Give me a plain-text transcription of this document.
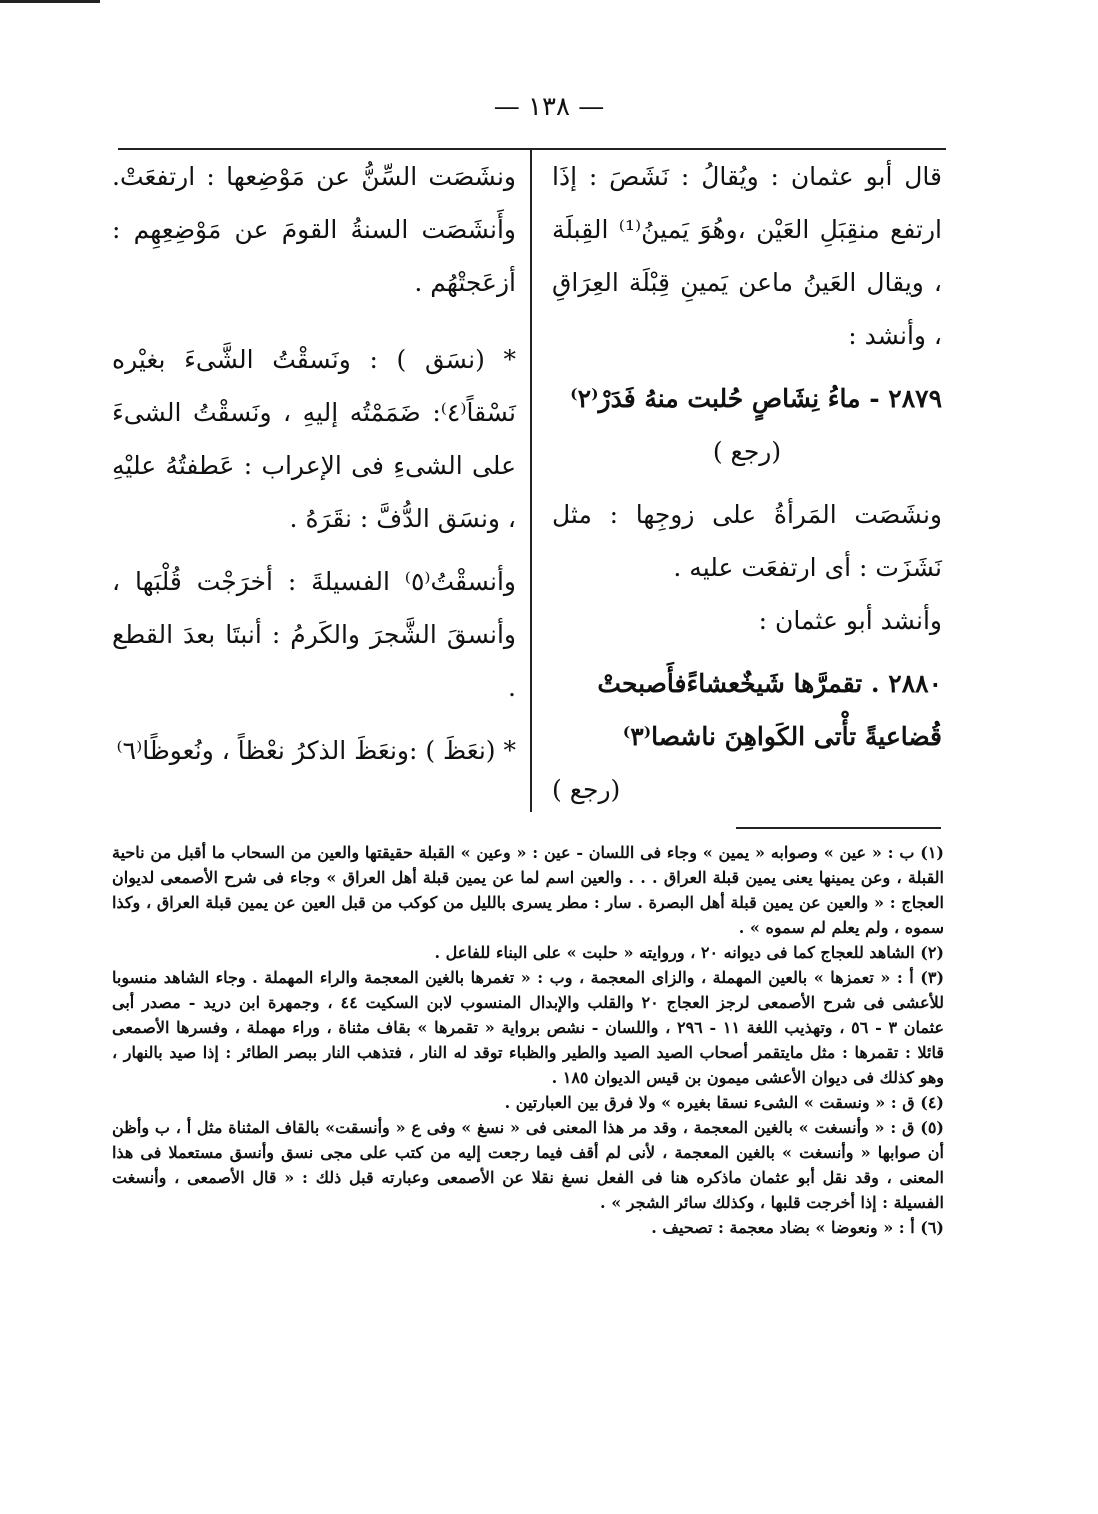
— ١٣٨ —

قال أبو عثمان : ويُقالُ : نَشَصَ : إذَا ارتفع منقِبَلِ العَيْن ،وهُوَ يَمينُ⁽¹⁾ القِبلَة ، ويقال العَينُ ماعن يَمينِ قِبْلَة العِرَاقِ ، وأنشد :

٢٨٧٩ - ماءُ نِشَاصٍ حُلبت منهُ فَدَرْ⁽٢⁾

(رجع )

ونشَصَت المَرأةُ على زوجِها : مثل نَشَزَت : أى ارتفعَت عليه .

وأنشد أبو عثمان :

٢٨٨٠ . تقمرَّها شَيخٌعشاءًفأَصبحتْ

قُضاعيةً تأْتى الكَواهِنَ ناشصا⁽٣⁾

(رجع )

ونشَصَت السِّنُّ عن مَوْضِعها : ارتفعَتْ. وأَنشَصَت السنةُ القومَ عن مَوْضِعِهِم : أزعَجتْهُم .

* (نسَق ) : ونَسقْتُ الشَّىءَ بغيْره نَسْقاً⁽٤⁾: ضَمَمْتُه إليهِ ، ونَسقْتُ الشىءَ على الشىءِ فى الإعراب : عَطفتُهُ عليْهِ ، ونسَق الدُّفَّ : نقَرَهُ .

وأنسقْتُ⁽٥⁾ الفسيلةَ : أخرَجْت قُلْبَها ، وأنسقَ الشَّجرَ والكَرمُ : أنبتَا بعدَ القطع .

* (نعَظَ ) :ونعَظَ الذكرُ نعْظاً ، ونُعوظًا⁽٦⁾

(١) ب : « عين » وصوابه « يمين » وجاء فى اللسان - عين : « وعين » القبلة حقيقتها والعين من السحاب ما أقبل من ناحية القبلة ، وعن يمينها يعنى يمين قبلة العراق . . . والعين اسم لما عن يمين قبلة أهل العراق » وجاء فى شرح الأصمعى لديوان العجاج : « والعين عن يمين قبلة أهل البصرة . سار : مطر يسرى بالليل من كوكب من قبل العين عن يمين قبلة العراق ، وكذا سموه ، ولم يعلم لم سموه » .

(٢) الشاهد للعجاج كما فى ديوانه ٢٠ ، وروايته « حلبت » على البناء للفاعل .

(٣) أ : « تعمزها » بالعين المهملة ، والزاى المعجمة ، وب : « تغمرها بالغين المعجمة والراء المهملة . وجاء الشاهد منسوبا للأعشى فى شرح الأصمعى لرجز العجاج ٢٠ والقلب والإبدال المنسوب لابن السكيت ٤٤ ، وجمهرة ابن دريد - مصدر أبى عثمان ٣ - ٥٦ ، وتهذيب اللغة ١١ - ٢٩٦ ، واللسان - نشص برواية « تقمرها » بقاف مثناة ، وراء مهملة ، وفسرها الأصمعى قائلا : تقمرها : مثل مايتقمر أصحاب الصيد الصيد والطير والظباء توقد له النار ، فتذهب النار ببصر الطائر : إذا صيد بالنهار ، وهو كذلك فى ديوان الأعشى ميمون بن قيس الديوان ١٨٥ .

(٤) ق : « ونسقت » الشىء نسقا بغيره » ولا فرق بين العبارتين .

(٥) ق : « وأنسغت » بالغين المعجمة ، وقد مر هذا المعنى فى « نسغ » وفى ع « وأنسقت» بالقاف المثناة مثل أ ، ب وأظن أن صوابها « وأنسغت » بالغين المعجمة ، لأنى لم أقف فيما رجعت إليه من كتب على مجى نسق وأنسق مستعملا فى هذا المعنى ، وقد نقل أبو عثمان ماذكره هنا فى الفعل نسغ نقلا عن الأصمعى وعبارته قبل ذلك : « قال الأصمعى ، وأنسغت الفسيلة : إذا أخرجت قلبها ، وكذلك سائر الشجر » .

(٦) أ : « ونعوضا » بضاد معجمة : تصحيف .
